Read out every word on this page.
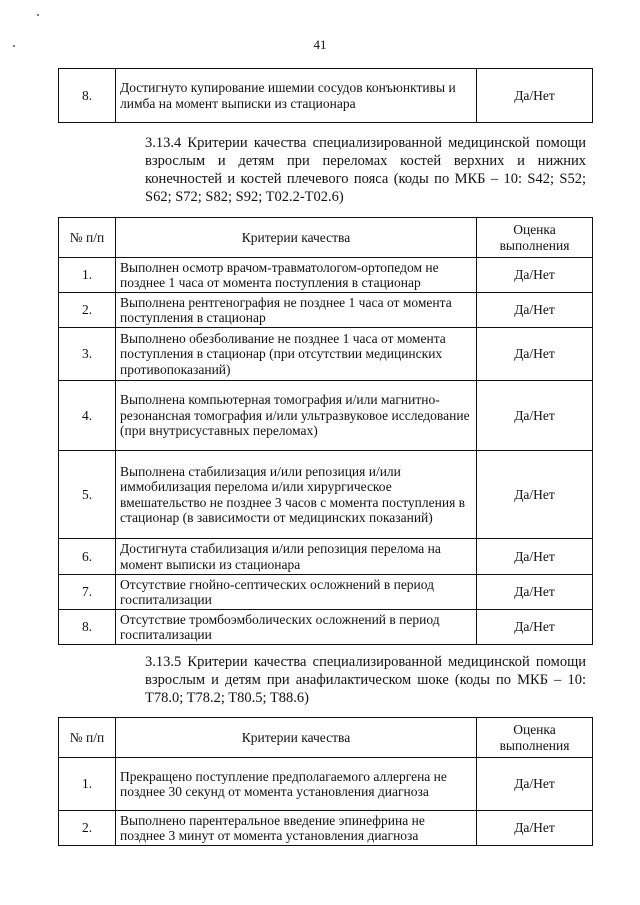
41
8.	Достигнуто купирование ишемии сосудов конъюнктивы и лимба на момент выписки из стационара	Да/Нет
3.13.4 Критерии качества специализированной медицинской помощи взрослым и детям при переломах костей верхних и нижних конечностей и костей плечевого пояса (коды по МКБ – 10: S42; S52; S62; S72; S82; S92; T02.2-T02.6)
№ п/п	Критерии качества	Оценка выполнения
1.	Выполнен осмотр врачом-травматологом-ортопедом не позднее 1 часа от момента поступления в стационар	Да/Нет
2.	Выполнена рентгенография не позднее 1 часа от момента поступления в стационар	Да/Нет
3.	Выполнено обезболивание не позднее 1 часа от момента поступления в стационар (при отсутствии медицинских противопоказаний)	Да/Нет
4.	Выполнена компьютерная томография и/или магнитно-резонансная томография и/или ультразвуковое исследование (при внутрисуставных переломах)	Да/Нет
5.	Выполнена стабилизация и/или репозиция и/или иммобилизация перелома и/или хирургическое вмешательство не позднее 3 часов с момента поступления в стационар (в зависимости от медицинских показаний)	Да/Нет
6.	Достигнута стабилизация и/или репозиция перелома на момент выписки из стационара	Да/Нет
7.	Отсутствие гнойно-септических осложнений в период госпитализации	Да/Нет
8.	Отсутствие тромбоэмболических осложнений в период госпитализации	Да/Нет
3.13.5 Критерии качества специализированной медицинской помощи взрослым и детям при анафилактическом шоке (коды по МКБ – 10: T78.0; T78.2; T80.5; T88.6)
№ п/п	Критерии качества	Оценка выполнения
1.	Прекращено поступление предполагаемого аллергена не позднее 30 секунд от момента установления диагноза	Да/Нет
2.	Выполнено парентеральное введение эпинефрина не позднее 3 минут от момента установления диагноза	Да/Нет
